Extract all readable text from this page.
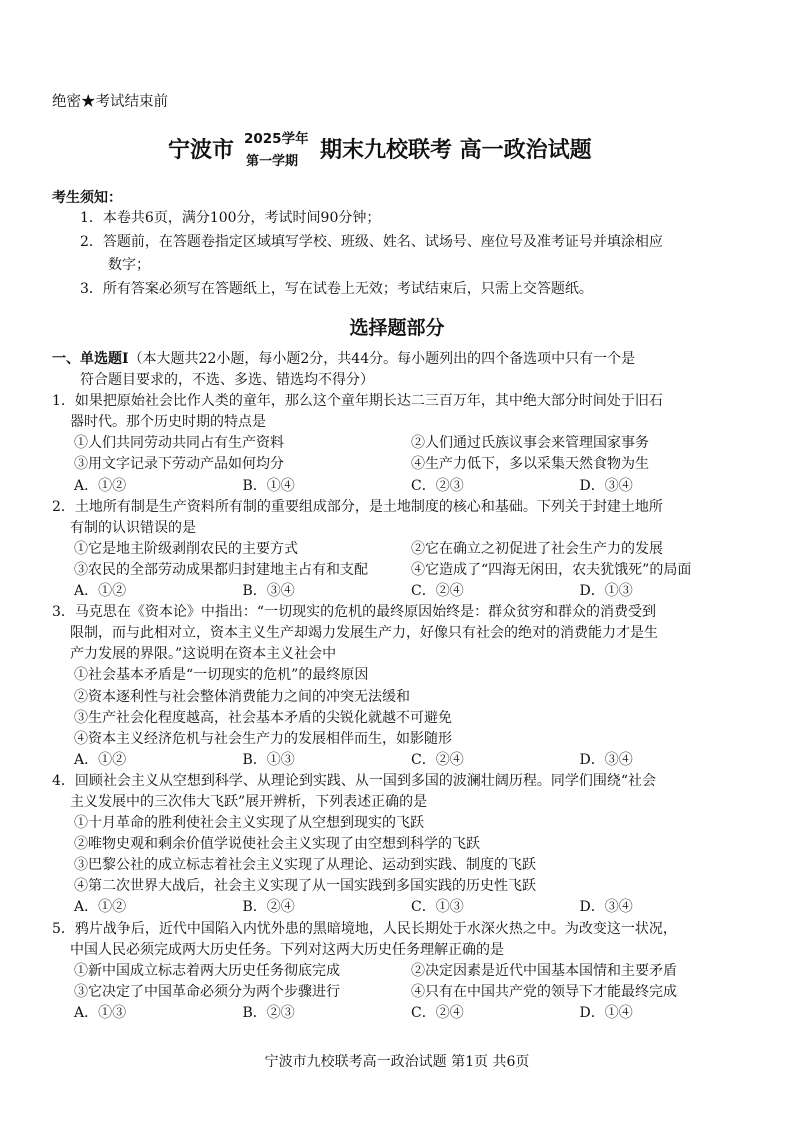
绝密★考试结束前
宁波市 2025学年
第一学期 期末九校联考 高一政治试题
考生须知：
1．本卷共6页，满分100分，考试时间90分钟；
2．答题前，在答题卷指定区域填写学校、班级、姓名、试场号、座位号及准考证号并填涂相应
数字；
3．所有答案必须写在答题纸上，写在试卷上无效；考试结束后，只需上交答题纸。
选择题部分
一、单选题Ⅰ（本大题共22小题，每小题2分，共44分。每小题列出的四个备选项中只有一个是
符合题目要求的，不选、多选、错选均不得分）
1．如果把原始社会比作人类的童年，那么这个童年期长达二三百万年，其中绝大部分时间处于旧石
器时代。那个历史时期的特点是
①人们共同劳动共同占有生产资料	②人们通过氏族议事会来管理国家事务
③用文字记录下劳动产品如何均分	④生产力低下，多以采集天然食物为生
A．①②	B．①④	C．②③	D．③④
2．土地所有制是生产资料所有制的重要组成部分，是土地制度的核心和基础。下列关于封建土地所
有制的认识错误的是
①它是地主阶级剥削农民的主要方式	②它在确立之初促进了社会生产力的发展
③农民的全部劳动成果都归封建地主占有和支配	④它造成了“四海无闲田，农夫犹饿死”的局面
A．①②	B．③④	C．②④	D．①③
3．马克思在《资本论》中指出：“一切现实的危机的最终原因始终是：群众贫穷和群众的消费受到
限制，而与此相对立，资本主义生产却竭力发展生产力，好像只有社会的绝对的消费能力才是生
产力发展的界限。”这说明在资本主义社会中
①社会基本矛盾是“一切现实的危机”的最终原因
②资本逐利性与社会整体消费能力之间的冲突无法缓和
③生产社会化程度越高，社会基本矛盾的尖锐化就越不可避免
④资本主义经济危机与社会生产力的发展相伴而生，如影随形
A．①②	B．①③	C．②④	D．③④
4．回顾社会主义从空想到科学、从理论到实践、从一国到多国的波澜壮阔历程。同学们围绕“社会
主义发展中的三次伟大飞跃”展开辨析，下列表述正确的是
①十月革命的胜利使社会主义实现了从空想到现实的飞跃
②唯物史观和剩余价值学说使社会主义实现了由空想到科学的飞跃
③巴黎公社的成立标志着社会主义实现了从理论、运动到实践、制度的飞跃
④第二次世界大战后，社会主义实现了从一国实践到多国实践的历史性飞跃
A．①②	B．②④	C．①③	D．③④
5．鸦片战争后，近代中国陷入内忧外患的黑暗境地，人民长期处于水深火热之中。为改变这一状况，
中国人民必须完成两大历史任务。下列对这两大历史任务理解正确的是
①新中国成立标志着两大历史任务彻底完成	②决定因素是近代中国基本国情和主要矛盾
③它决定了中国革命必须分为两个步骤进行	④只有在中国共产党的领导下才能最终完成
A．①③	B．②③	C．②④	D．①④
宁波市九校联考高一政治试题 第1页 共6页
